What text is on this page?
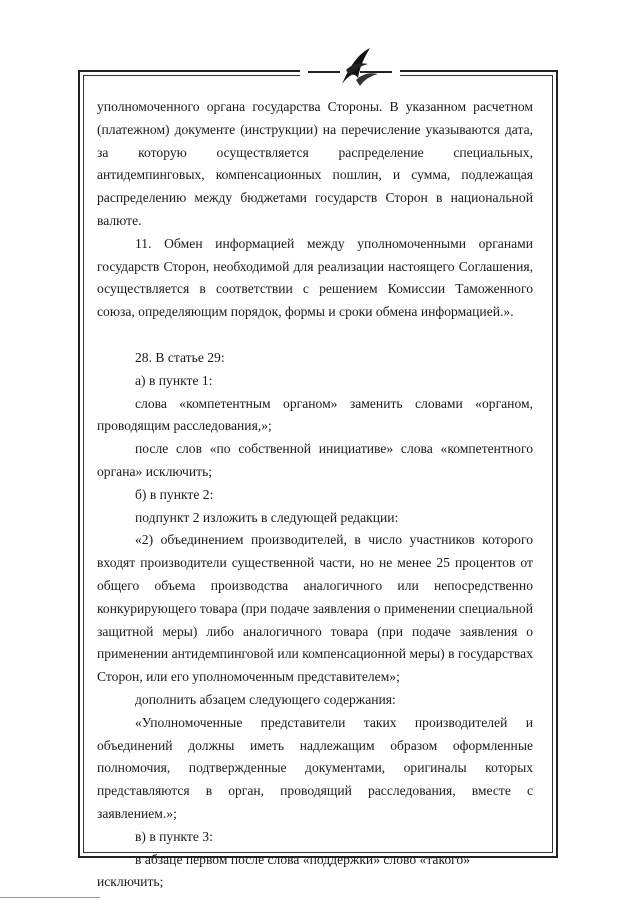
уполномоченного органа государства Стороны. В указанном расчетном (платежном) документе (инструкции) на перечисление указываются дата, за которую осуществляется распределение специальных, антидемпинговых, компенсационных пошлин, и сумма, подлежащая распределению между бюджетами государств Сторон в национальной валюте.

11. Обмен информацией между уполномоченными органами государств Сторон, необходимой для реализации настоящего Соглашения, осуществляется в соответствии с решением Комиссии Таможенного союза, определяющим порядок, формы и сроки обмена информацией.».

28. В статье 29:

а) в пункте 1:

слова «компетентным органом» заменить словами «органом, проводящим расследования,»;

после слов «по собственной инициативе» слова «компетентного органа» исключить;

б) в пункте 2:

подпункт 2 изложить в следующей редакции:

«2) объединением производителей, в число участников которого входят производители существенной части, но не менее 25 процентов от общего объема производства аналогичного или непосредственно конкурирующего товара (при подаче заявления о применении специальной защитной меры) либо аналогичного товара (при подаче заявления о применении антидемпинговой или компенсационной меры) в государствах Сторон, или его уполномоченным представителем»;

дополнить абзацем следующего содержания:

«Уполномоченные представители таких производителей и объединений должны иметь надлежащим образом оформленные полномочия, подтвержденные документами, оригиналы которых представляются в орган, проводящий расследования, вместе с заявлением.»;

в) в пункте 3:

в абзаце первом после слова «поддержки» слово «такого» исключить;
